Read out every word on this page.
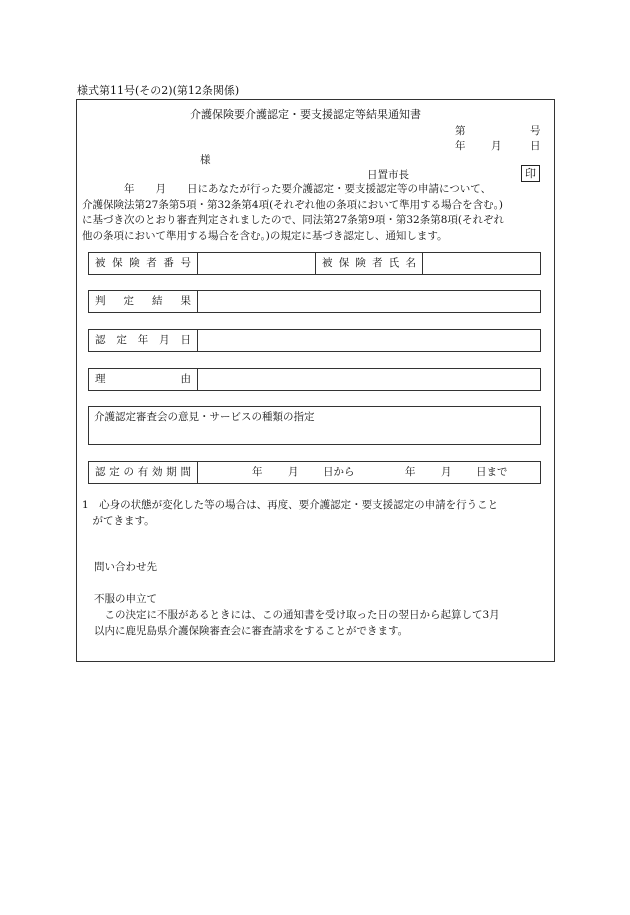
様式第11号(その2)(第12条関係)
介護保険要介護認定・要支援認定等結果通知書
第	号
年 月	日
様
日置市長	印
　　　　年　　月　　日にあなたが行った要介護認定・要支援認定等の申請について、
介護保険法第27条第5項・第32条第4項(それぞれ他の条項において準用する場合を含む。)
に基づき次のとおり審査判定されましたので、同法第27条第9項・第32条第8項(それぞれ
他の条項において準用する場合を含む。)の規定に基づき認定し、通知します。
被保険者番号	被保険者氏名
判定結果
認定年月日
理由
介護認定審査会の意見・サービスの種類の指定
認定の有効期間	年 月 日から	年 月 日まで
1　心身の状態が変化した等の場合は、再度、要介護認定・要支援認定の申請を行うこと
　がてきます。
問い合わせ先
不服の申立て
　この決定に不服があるときには、この通知書を受け取った日の翌日から起算して3月
以内に鹿児島県介護保険審査会に審査請求をすることができます。
